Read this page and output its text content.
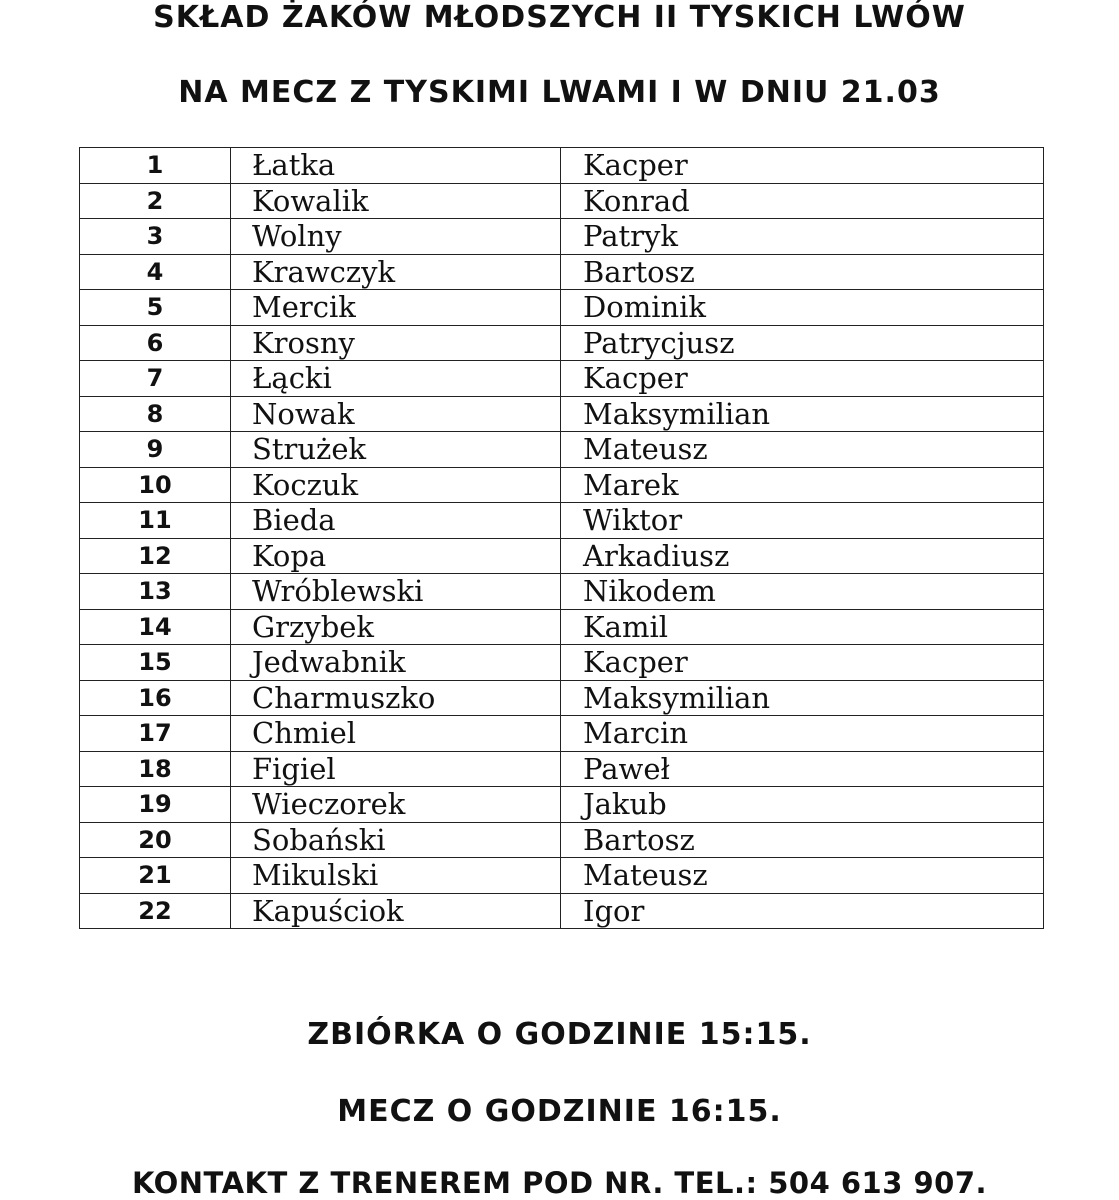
SKŁAD ŻAKÓW MŁODSZYCH II TYSKICH LWÓW
NA MECZ Z TYSKIMI LWAMI I W DNIU 21.03
1	Łatka	Kacper
2	Kowalik	Konrad
3	Wolny	Patryk
4	Krawczyk	Bartosz
5	Mercik	Dominik
6	Krosny	Patrycjusz
7	Łącki	Kacper
8	Nowak	Maksymilian
9	Strużek	Mateusz
10	Koczuk	Marek
11	Bieda	Wiktor
12	Kopa	Arkadiusz
13	Wróblewski	Nikodem
14	Grzybek	Kamil
15	Jedwabnik	Kacper
16	Charmuszko	Maksymilian
17	Chmiel	Marcin
18	Figiel	Paweł
19	Wieczorek	Jakub
20	Sobański	Bartosz
21	Mikulski	Mateusz
22	Kapuściok	Igor
ZBIÓRKA O GODZINIE 15:15.
MECZ O GODZINIE 16:15.
KONTAKT Z TRENEREM POD NR. TEL.: 504 613 907.
